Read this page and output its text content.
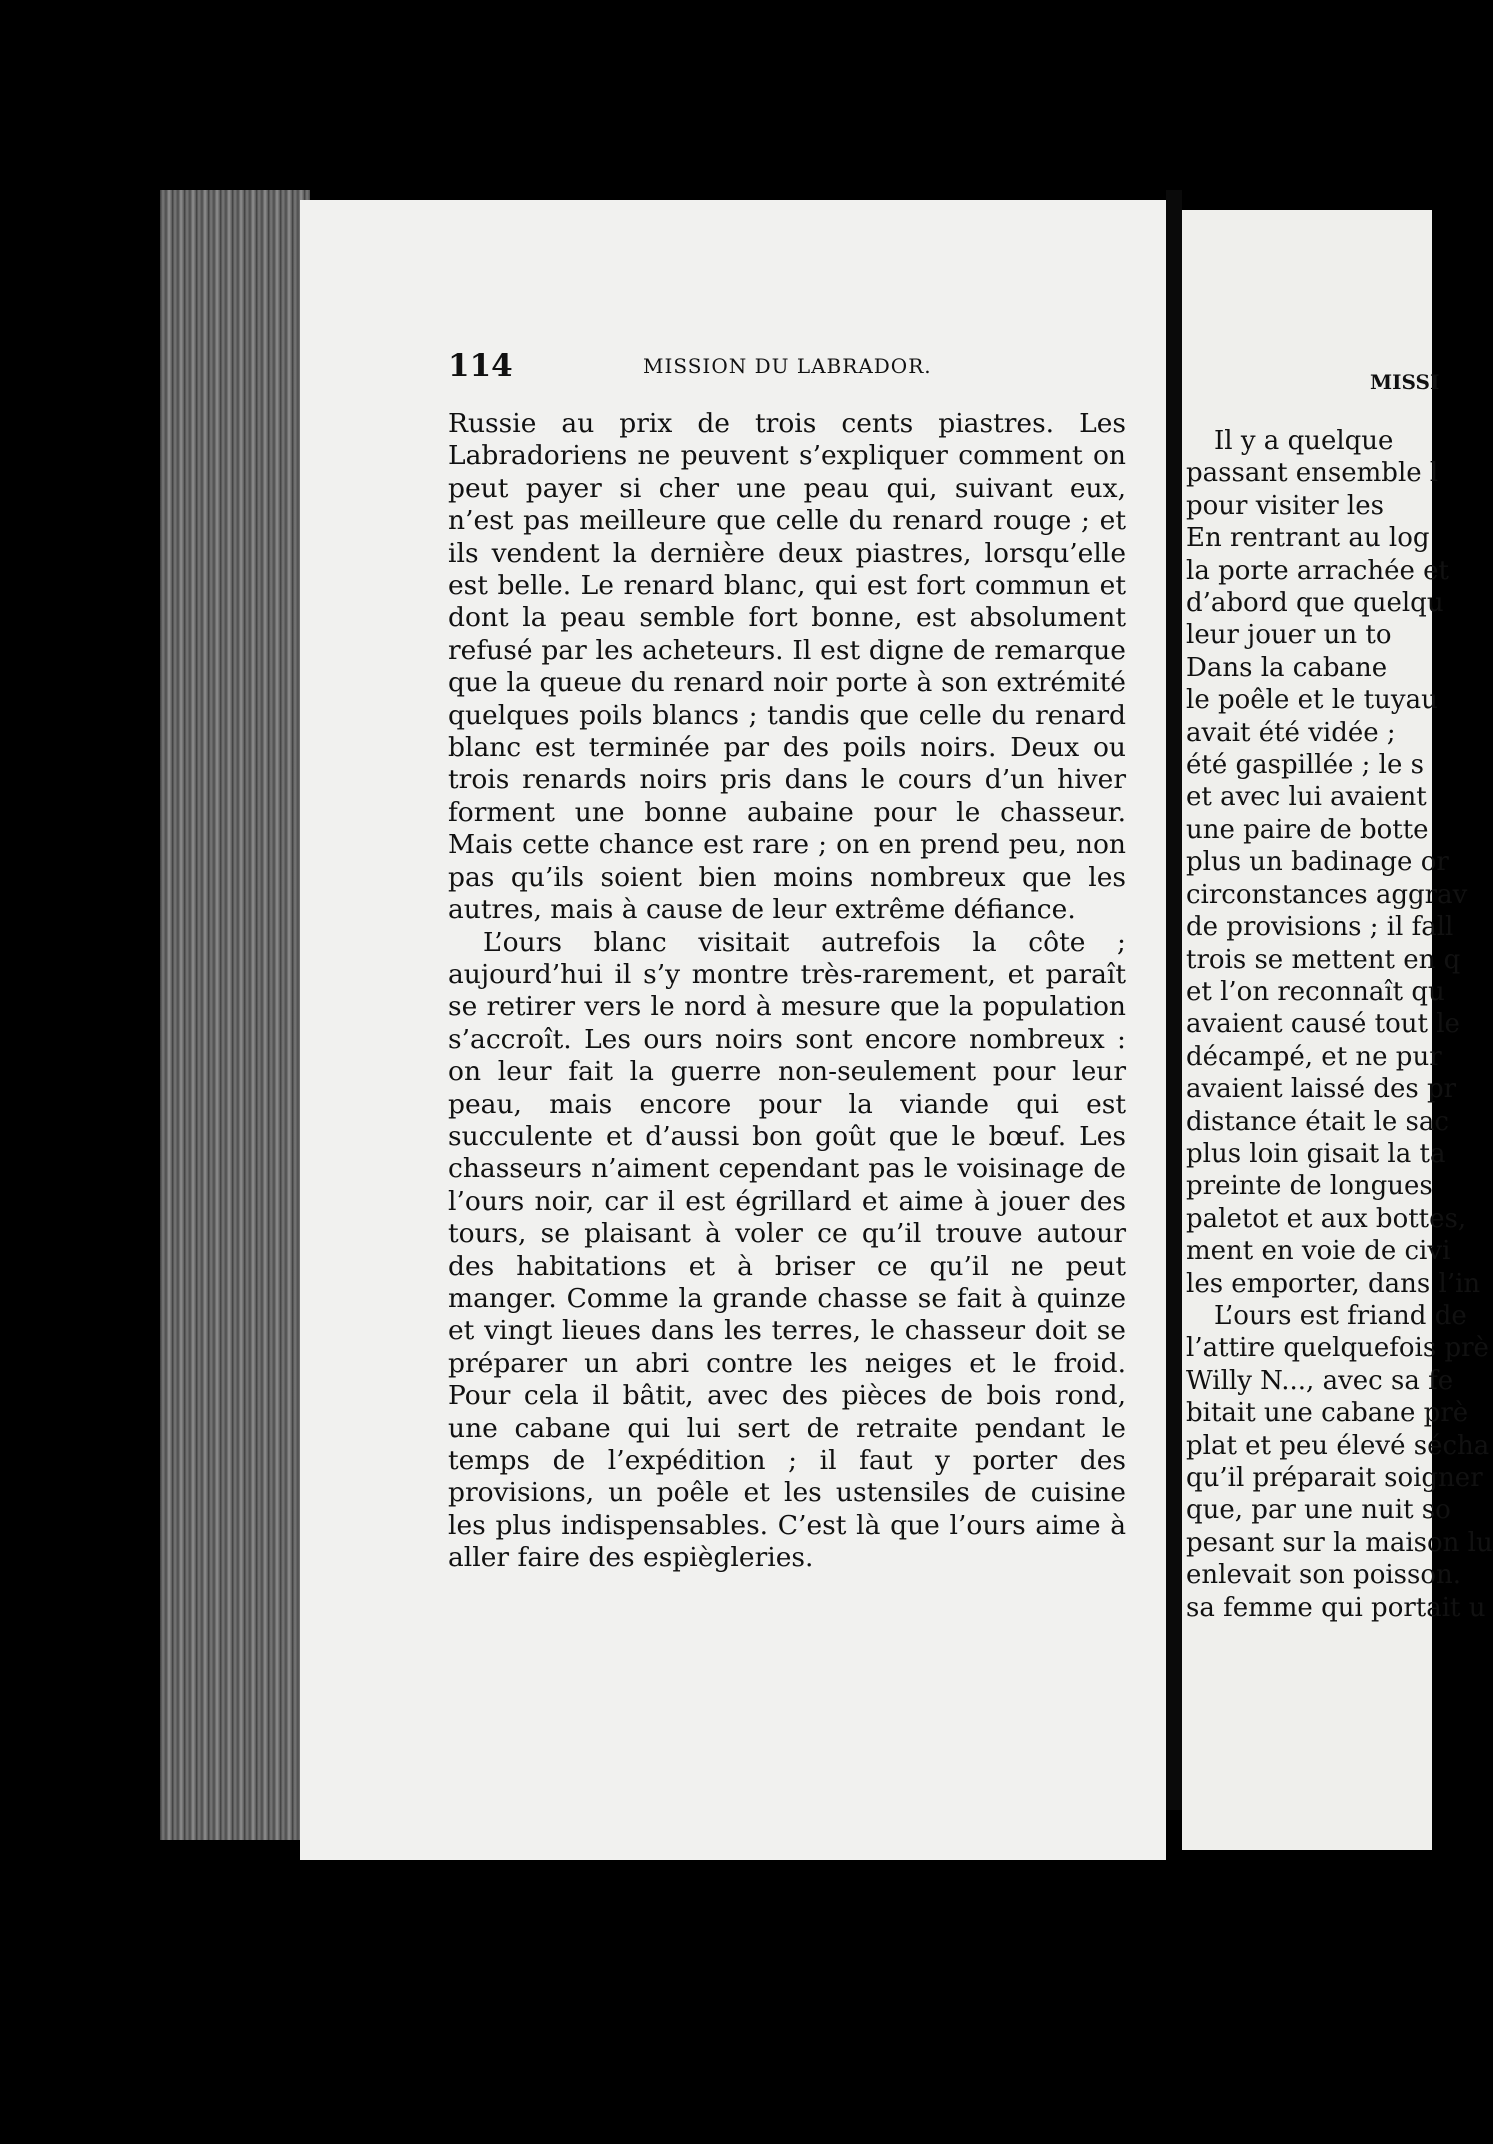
114	MISSION DU LABRADOR.

Russie au prix de trois cents piastres. Les Labradoriens ne peuvent s’expliquer comment on peut payer si cher une peau qui, suivant eux, n’est pas meilleure que celle du renard rouge ; et ils vendent la dernière deux piastres, lorsqu’elle est belle. Le renard blanc, qui est fort commun et dont la peau semble fort bonne, est absolument refusé par les acheteurs. Il est digne de remarque que la queue du renard noir porte à son extrémité quelques poils blancs ; tandis que celle du renard blanc est terminée par des poils noirs. Deux ou trois renards noirs pris dans le cours d’un hiver forment une bonne aubaine pour le chasseur. Mais cette chance est rare ; on en prend peu, non pas qu’ils soient bien moins nombreux que les autres, mais à cause de leur extrême défiance.

L’ours blanc visitait autrefois la côte ; aujourd’hui il s’y montre très-rarement, et paraît se retirer vers le nord à mesure que la population s’accroît. Les ours noirs sont encore nombreux : on leur fait la guerre non-seulement pour leur peau, mais encore pour la viande qui est succulente et d’aussi bon goût que le bœuf. Les chasseurs n’aiment cependant pas le voisinage de l’ours noir, car il est égrillard et aime à jouer des tours, se plaisant à voler ce qu’il trouve autour des habitations et à briser ce qu’il ne peut manger. Comme la grande chasse se fait à quinze et vingt lieues dans les terres, le chasseur doit se préparer un abri contre les neiges et le froid. Pour cela il bâtit, avec des pièces de bois rond, une cabane qui lui sert de retraite pendant le temps de l’expédition ; il faut y porter des provisions, un poêle et les ustensiles de cuisine les plus indispensables. C’est là que l’ours aime à aller faire des espiègleries.

MISSI
Il y a quelque
passant ensemble l
pour visiter les
En rentrant au log
la porte arrachée et
d’abord que quelqu
leur jouer un to
Dans la cabane
le poêle et le tuyau
avait été vidée ;
été gaspillée ; le s
et avec lui avaient
une paire de botte
plus un badinage or
circonstances aggrav
de provisions ; il fall
trois se mettent en q
et l’on reconnaît qu
avaient causé tout le
décampé, et ne pur
avaient laissé des pr
distance était le sac
plus loin gisait la ta
preinte de longues
paletot et aux bottes,
ment en voie de civi
les emporter, dans l’in
L’ours est friand de
l’attire quelquefois prè
Willy N..., avec sa fe
bitait une cabane prè
plat et peu élevé sécha
qu’il préparait soigner
que, par une nuit so
pesant sur la maison lu
enlevait son poisson.
sa femme qui portait u
